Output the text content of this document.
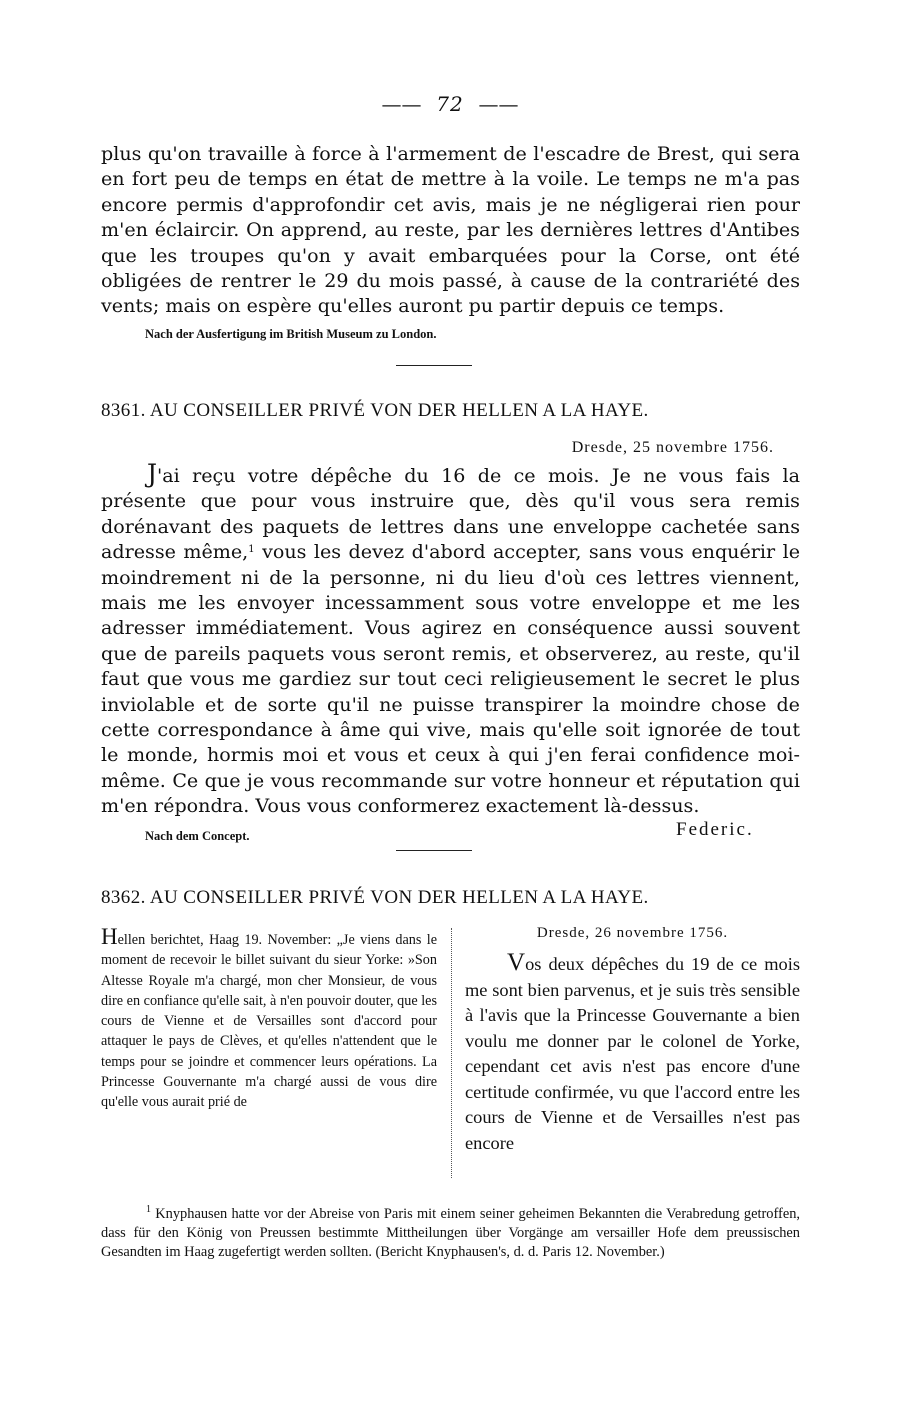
—— 72 ——
plus qu'on travaille à force à l'armement de l'escadre de Brest, qui sera en fort peu de temps en état de mettre à la voile. Le temps ne m'a pas encore permis d'approfondir cet avis, mais je ne négligerai rien pour m'en éclaircir. On apprend, au reste, par les dernières lettres d'Antibes que les troupes qu'on y avait embarquées pour la Corse, ont été obligées de rentrer le 29 du mois passé, à cause de la contrariété des vents; mais on espère qu'elles auront pu partir depuis ce temps.
Nach der Ausfertigung im British Museum zu London.
8361. AU CONSEILLER PRIVÉ VON DER HELLEN A LA HAYE.
Dresde, 25 novembre 1756.
J'ai reçu votre dépêche du 16 de ce mois. Je ne vous fais la présente que pour vous instruire que, dès qu'il vous sera remis dorénavant des paquets de lettres dans une enveloppe cachetée sans adresse même,$^1$ vous les devez d'abord accepter, sans vous enquérir le moindrement ni de la personne, ni du lieu d'où ces lettres viennent, mais me les envoyer incessamment sous votre enveloppe et me les adresser immédiatement. Vous agirez en conséquence aussi souvent que de pareils paquets vous seront remis, et observerez, au reste, qu'il faut que vous me gardiez sur tout ceci religieusement le secret le plus inviolable et de sorte qu'il ne puisse transpirer la moindre chose de cette correspondance à âme qui vive, mais qu'elle soit ignorée de tout le monde, hormis moi et vous et ceux à qui j'en ferai confidence moi-même. Ce que je vous recommande sur votre honneur et réputation qui m'en répondra. Vous vous conformerez exactement là-dessus.
Nach dem Concept.	Federic.
8362. AU CONSEILLER PRIVÉ VON DER HELLEN A LA HAYE.
Hellen berichtet, Haag 19. November: „Je viens dans le moment de recevoir le billet suivant du sieur Yorke: »Son Altesse Royale m'a chargé, mon cher Monsieur, de vous dire en confiance qu'elle sait, à n'en pouvoir douter, que les cours de Vienne et de Versailles sont d'accord pour attaquer le pays de Clèves, et qu'elles n'attendent que le temps pour se joindre et commencer leurs opérations. La Princesse Gouvernante m'a chargé aussi de vous dire qu'elle vous aurait prié de
Dresde, 26 novembre 1756.
Vos deux dépêches du 19 de ce mois me sont bien parvenus, et je suis très sensible à l'avis que la Princesse Gouvernante a bien voulu me donner par le colonel de Yorke, cependant cet avis n'est pas encore d'une certitude confirmée, vu que l'accord entre les cours de Vienne et de Versailles n'est pas encore
$^1$ Knyphausen hatte vor der Abreise von Paris mit einem seiner geheimen Bekannten die Verabredung getroffen, dass für den König von Preussen bestimmte Mittheilungen über Vorgänge am versailler Hofe dem preussischen Gesandten im Haag zugefertigt werden sollten. (Bericht Knyphausen's, d. d. Paris 12. November.)
